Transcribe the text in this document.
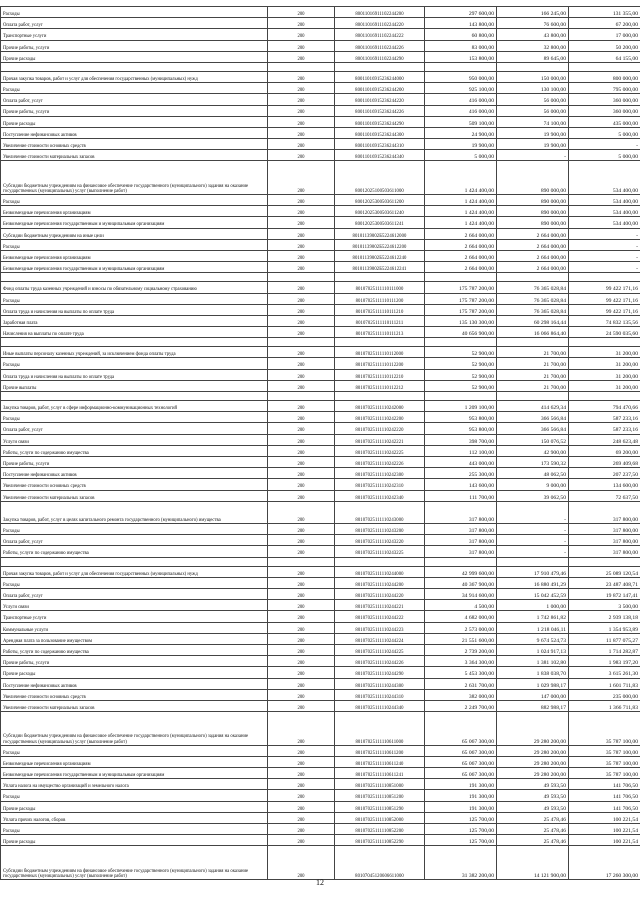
Расходы	200	80011016911102244200	297 600,00	166 245,00	131 355,00
Оплата работ, услуг	200	80011016911102244220	143 800,00	76 600,00	67 200,00
Транспортные услуги	200	80011016911102244222	60 800,00	43 800,00	17 000,00
Прочие работы, услуги	200	80011016911102244226	83 000,00	32 800,00	50 200,00
Прочие расходы	200	80011016911102244290	153 800,00	89 645,00	64 155,00

Прочая закупка товаров, работ и услуг для обеспечения государственных (муниципальных) нужд	200	80011016915236244000	950 000,00	150 000,00	800 000,00
Расходы	200	80011016915236244200	925 100,00	130 100,00	795 000,00
Оплата работ, услуг	200	80011016915236244220	416 000,00	56 000,00	360 000,00
Прочие работы, услуги	200	80011016915236244226	416 000,00	56 000,00	360 000,00
Прочие расходы	200	80011016915236244290	509 100,00	74 100,00	435 000,00
Поступление нефинансовых активов	200	80011016915236244300	24 900,00	19 900,00	5 000,00
Увеличение стоимости основных средств	200	80011016915236244310	19 900,00	19 900,00	-
Увеличение стоимости материальных запасов	200	80011016915236244340	5 000,00	-	5 000,00
Субсидии бюджетным учреждениям на финансовое обеспечение государственного (муниципального) задания на оказание государственных (муниципальных) услуг (выполнение работ)	200	80012025100503611000	1 424 400,00	890 000,00	534 400,00
Расходы	200	80012025300503611200	1 424 400,00	890 000,00	534 400,00
Безвозмездные перечисления организациям	200	80012025300503611240	1 424 400,00	890 000,00	534 400,00
Безвозмездные перечисления государственным и муниципальным организациям	200	80012025300503611241	1 424 400,00	890 000,00	534 400,00
Субсидии бюджетным учреждениям на иные цели	200	80101139002Б5224612000	2 664 000,00	2 664 000,00	-
Расходы	200	80101139002Б5224612200	2 664 000,00	2 664 000,00	-
Безвозмездные перечисления организациям	200	80101139002Б5224612240	2 664 000,00	2 664 000,00	-
Безвозмездные перечисления государственным и муниципальным организациям	200	80101139002Б5224612241	2 664 000,00	2 664 000,00	-

Фонд оплаты труда казенных учреждений и взносы по обязательному социальному страхованию	200	80107025111110111000	175 787 200,00	76 365 028,84	99 422 171,16
Расходы	200	80107025111110111200	175 787 200,00	76 365 028,84	99 422 171,16
Оплата труда и начисления на выплаты по оплате труда	200	80107025111110111210	175 787 200,00	76 365 028,84	99 422 171,16
Заработная плата	200	80107025111110111211	135 130 300,00	60 298 164,44	74 832 135,56
Начисления на выплаты по оплате труда	200	80107025111110111213	40 656 900,00	16 066 864,40	24 590 035,60

Иные выплаты персоналу казенных учреждений, за исключением фонда оплаты труда	200	80107025111110112000	52 900,00	21 700,00	31 200,00
Расходы	200	80107025111110112200	52 900,00	21 700,00	31 200,00
Оплата труда и начисления на выплаты по оплате труда	200	80107025111110112210	52 900,00	21 700,00	31 200,00
Прочие выплаты	200	80107025111110112212	52 900,00	21 700,00	31 200,00

Закупка товаров, работ, услуг в сфере информационно-коммуникационных технологий	200	80107025111110242000	1 209 100,00	414 629,34	794 470,66
Расходы	200	80107025111110242200	953 800,00	366 566,84	587 233,16
Оплата работ, услуг	200	80107025111110242220	953 800,00	366 566,84	587 233,16
Услуги связи	200	80107025111110242221	398 700,00	150 076,52	248 623,48
Работы, услуги по содержанию имущества	200	80107025111110242225	112 100,00	42 900,00	69 200,00
Прочие работы, услуги	200	80107025111110242226	443 000,00	173 590,32	269 409,68
Поступление нефинансовых активов	200	80107025111110242300	255 300,00	48 062,50	207 237,50
Увеличение стоимости основных средств	200	80107025111110242310	143 600,00	9 000,00	134 600,00
Увеличение стоимости материальных запасов	200	80107025111110242340	111 700,00	39 062,50	72 637,50
Закупка товаров, работ, услуг в целях капитального ремонта государственного (муниципального) имущества	200	80107025111110243000	317 800,00	-	317 800,00
Расходы	200	80107025111110243200	317 800,00	-	317 800,00
Оплата работ, услуг	200	80107025111110243220	317 800,00	-	317 800,00
Работы, услуги по содержанию имущества	200	80107025111110243225	317 800,00	-	317 800,00

Прочая закупка товаров, работ и услуг для обеспечения государственных (муниципальных) нужд	200	80107025111110244000	42 999 600,00	17 910 479,46	25 089 120,54
Расходы	200	80107025111110244200	40 367 900,00	16 880 491,29	23 487 408,71
Оплата работ, услуг	200	80107025111110244220	34 914 600,00	15 042 452,59	19 872 147,41
Услуги связи	200	80107025111110244221	4 500,00	1 000,00	3 500,00
Транспортные услуги	200	80107025111110244222	4 682 000,00	1 742 861,82	2 939 138,18
Коммунальные услуги	200	80107025111110244223	2 573 000,00	1 218 046,11	1 354 953,89
Арендная плата за пользование имуществом	200	80107025111110244224	21 551 600,00	9 674 524,73	11 877 075,27
Работы, услуги по содержанию имущества	200	80107025111110244225	2 739 200,00	1 024 917,13	1 714 282,87
Прочие работы, услуги	200	80107025111110244226	3 364 300,00	1 381 102,80	1 983 197,20
Прочие расходы	200	80107025111110244290	5 453 300,00	1 838 038,70	3 615 261,30
Поступление нефинансовых активов	200	80107025111110244300	2 631 700,00	1 029 988,17	1 601 711,83
Увеличение стоимости основных средств	200	80107025111110244310	382 000,00	147 000,00	235 000,00
Увеличение стоимости материальных запасов	200	80107025111110244340	2 249 700,00	882 988,17	1 366 711,83
Субсидии бюджетным учреждениям на финансовое обеспечение государственного (муниципального) задания на оказание государственных (муниципальных) услуг (выполнение работ)	200	80107025111110611000	65 067 300,00	29 280 200,00	35 787 100,00
Расходы	200	80107025111110611200	65 067 300,00	29 280 200,00	35 787 100,00
Безвозмездные перечисления организациям	200	80107025111110611240	65 067 300,00	29 280 200,00	35 787 100,00
Безвозмездные перечисления государственным и муниципальным организациям	200	80107025111110611241	65 067 300,00	29 280 200,00	35 787 100,00
Уплата налога на имущество организаций и земельного налога	200	80107025111110851000	191 300,00	49 593,50	141 706,50
Расходы	200	80107025111110851200	191 300,00	49 593,50	141 706,50
Прочие расходы	200	80107025111110851290	191 300,00	49 593,50	141 706,50
Уплата прочих налогов, сборов	200	80107025111110852000	125 700,00	25 478,46	100 221,54
Расходы	200	80107025111110852200	125 700,00	25 478,46	100 221,54
Прочие расходы	200	80107025111110852290	125 700,00	25 478,46	100 221,54
Субсидии бюджетным учреждениям на финансовое обеспечение государственного (муниципального) задания на оказание государственных (муниципальных) услуг (выполнение работ)	200	80107045120606611000	31 382 200,00	14 121 900,00	17 260 300,00
12
